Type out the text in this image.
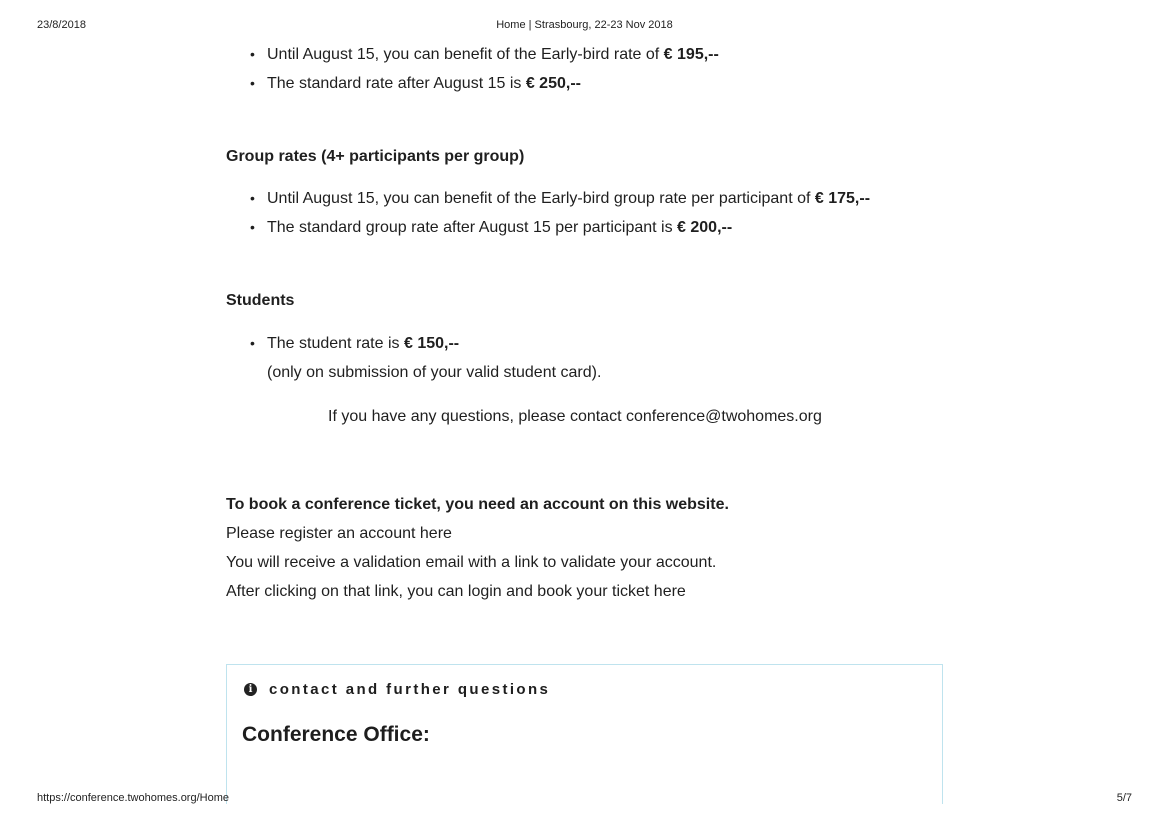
23/8/2018	Home | Strasbourg, 22-23 Nov 2018
• Until August 15, you can benefit of the Early-bird rate of € 195,--
• The standard rate after August 15 is € 250,--
Group rates (4+ participants per group)
• Until August 15, you can benefit of the Early-bird group rate per participant of € 175,--
• The standard group rate after August 15 per participant is € 200,--
Students
• The student rate is € 150,--
(only on submission of your valid student card).
If you have any questions, please contact conference@twohomes.org
To book a conference ticket, you need an account on this website.
Please register an account here
You will receive a validation email with a link to validate your account.
After clicking on that link, you can login and book your ticket here
i	contact and further questions
Conference Office:
https://conference.twohomes.org/Home	5/7
